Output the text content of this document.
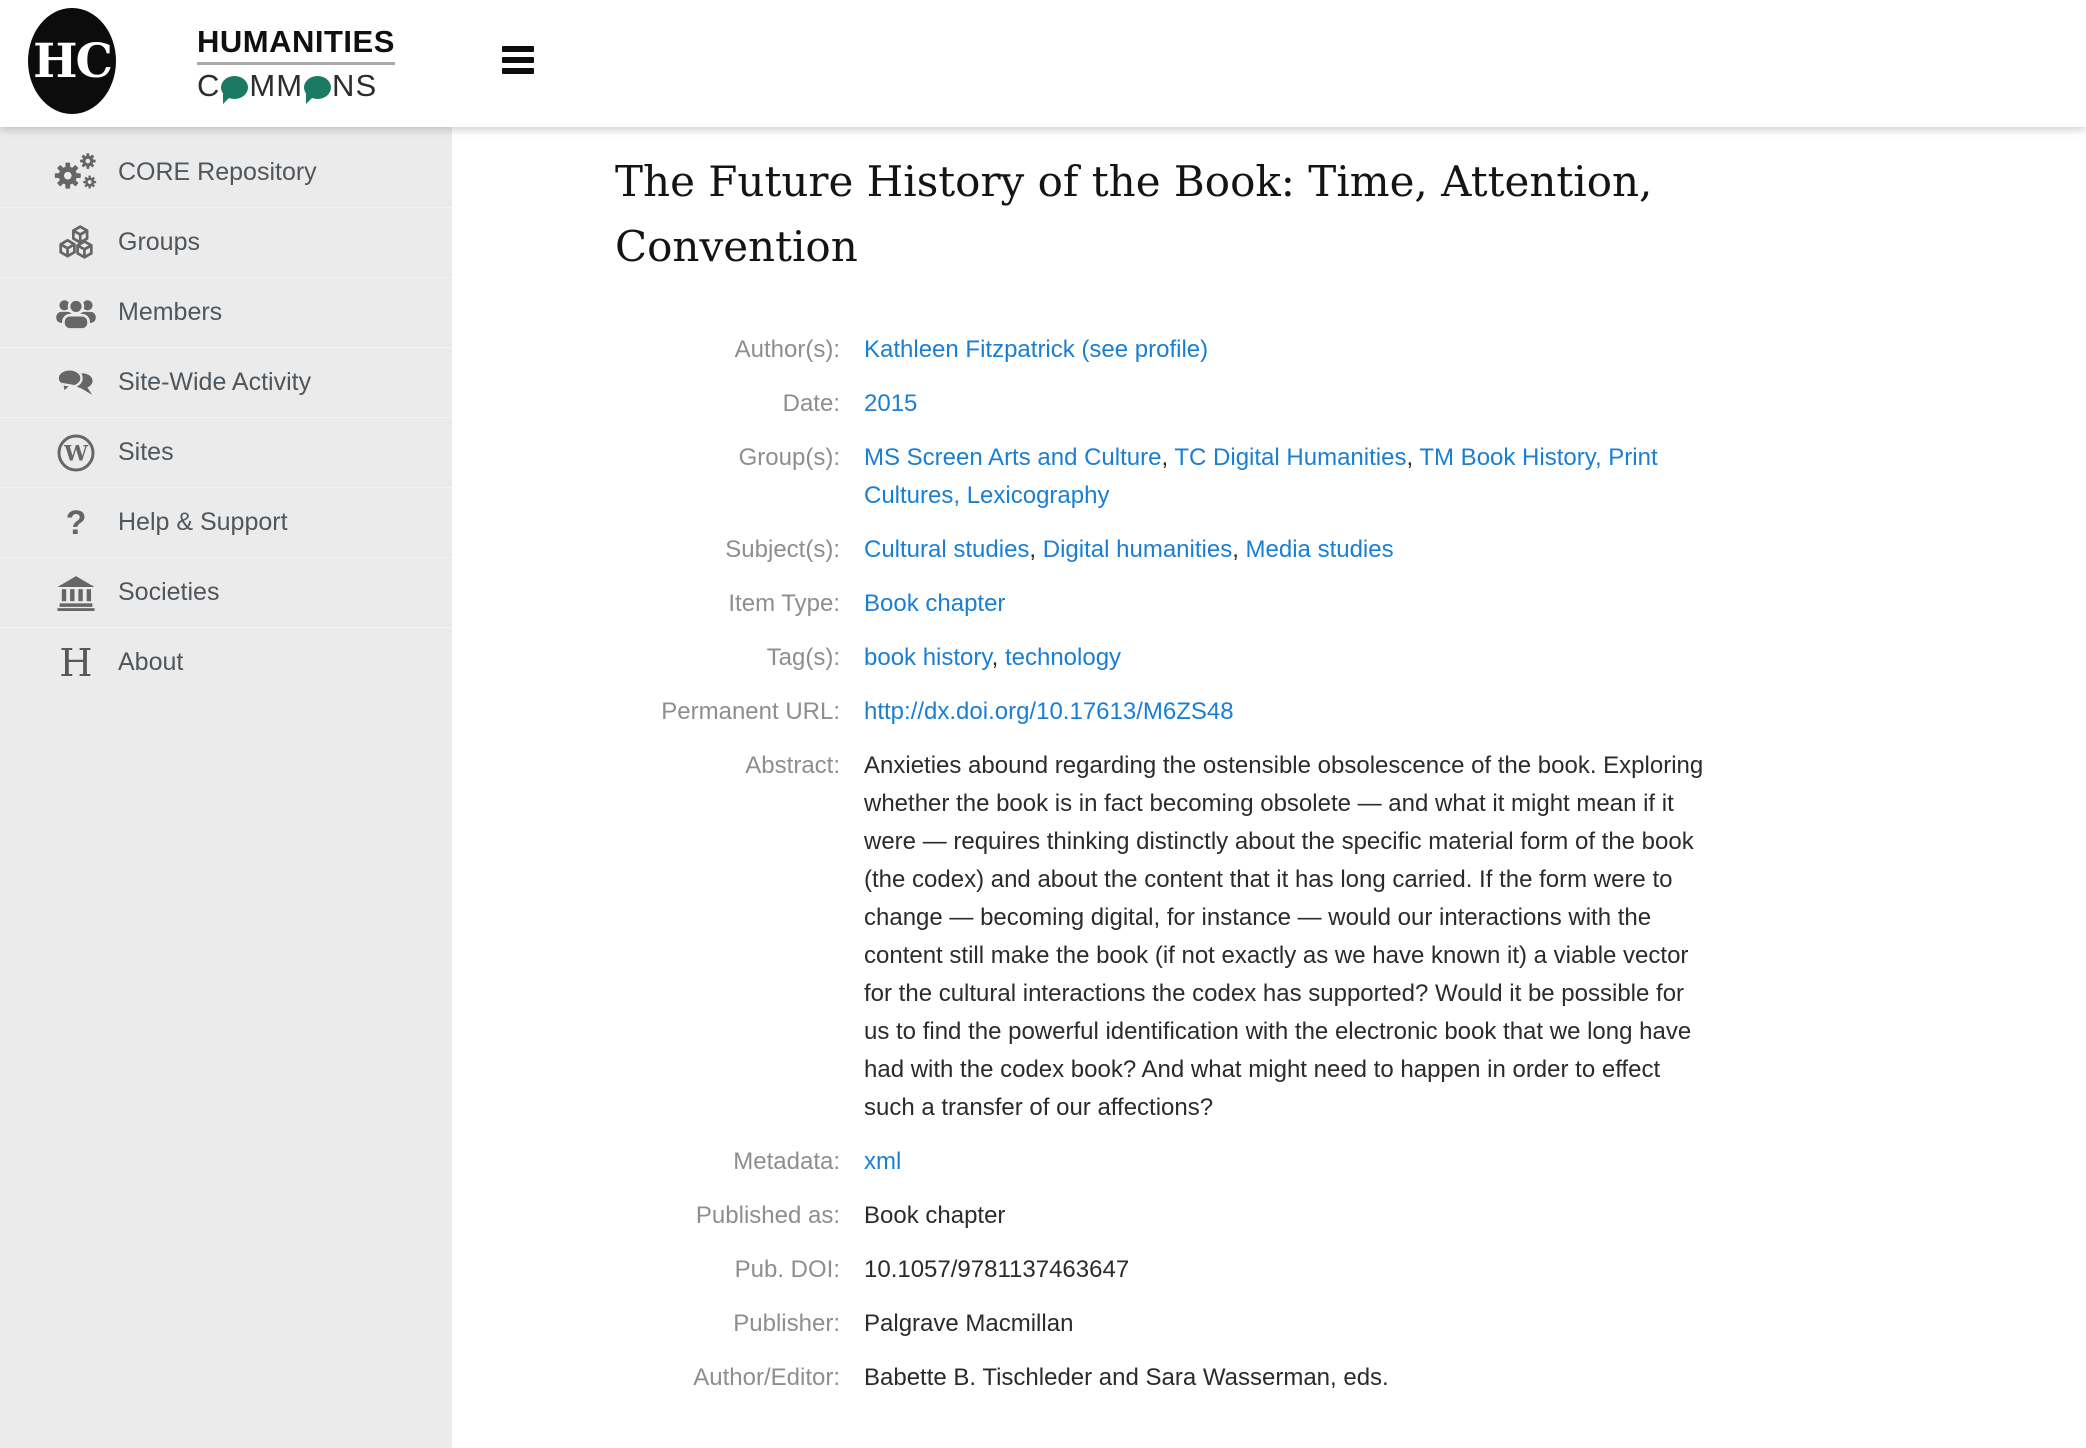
HC	HUMANITIES
C M M N S
CORE Repository
Groups
Members
Site-Wide Activity
W Sites
? Help & Support
Societies
H About
The Future History of the Book: Time, Attention,
Convention
Author(s):	Kathleen Fitzpatrick (see profile)
Date:	2015
Group(s):	MS Screen Arts and Culture, TC Digital Humanities, TM Book History, Print Cultures, Lexicography
Subject(s):	Cultural studies, Digital humanities, Media studies
Item Type:	Book chapter
Tag(s):	book history, technology
Permanent URL:	http://dx.doi.org/10.17613/M6ZS48
Abstract:	Anxieties abound regarding the ostensible obsolescence of the book. Exploring whether the book is in fact becoming obsolete — and what it might mean if it were — requires thinking distinctly about the specific material form of the book (the codex) and about the content that it has long carried. If the form were to change — becoming digital, for instance — would our interactions with the content still make the book (if not exactly as we have known it) a viable vector for the cultural interactions the codex has supported? Would it be possible for us to find the powerful identification with the electronic book that we long have had with the codex book? And what might need to happen in order to effect such a transfer of our affections?
Metadata:	xml
Published as:	Book chapter
Pub. DOI:	10.1057/9781137463647
Publisher:	Palgrave Macmillan
Author/Editor:	Babette B. Tischleder and Sara Wasserman, eds.
